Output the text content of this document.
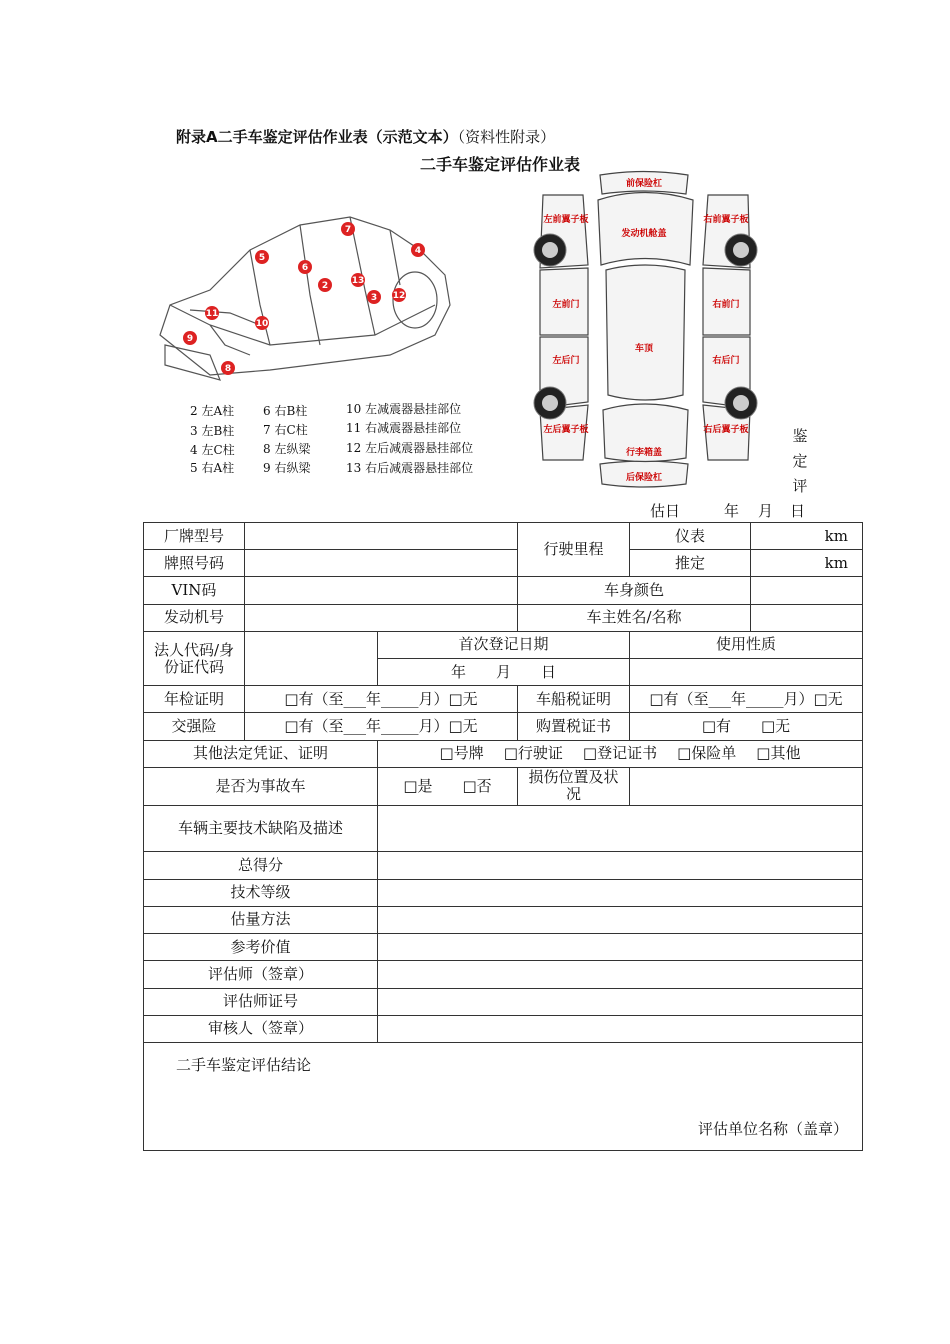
附录A二手车鉴定评估作业表（示范文本）（资料性附录）
二手车鉴定评估作业表
2
3
4
5
6
7
8
9
10
11
12
13
2 左A柱 6 右B柱	10 左减震器悬挂部位
3 左B柱 7 右C柱	11 右减震器悬挂部位
4 左C柱 8 左纵梁	12 左后减震器悬挂部位
5 右A柱 9 右纵梁	13 右后减震器悬挂部位
前保险杠
后保险杠
发动机舱盖
车顶
行李箱盖
左前门
左后门
右前门
右后门
左前翼子板	右前翼子板
左后翼子板	右后翼子板	鉴
定
评
估日	年 月 日
厂牌型号			行驶里程	仪表	km
牌照号码				推定	km
VIN码			车身颜色		
发动机号			车主姓名/名称		
法人代码/身份证代码		首次登记日期		使用性质	
		年   月   日			
年检证明	□有（至___年_____月）□无		车船税证明	□有（至___年_____月）□无	
交强险	□有（至___年_____月）□无		购置税证书	□有   □无	
其他法定凭证、证明		□号牌 □行驶证 □登记证书 □保险单 □其他			
是否为事故车		□是   □否	损伤位置及状况		
车辆主要技术缺陷及描述					
总得分					
技术等级					
估量方法					
参考价值					
评估师（签章）					
评估师证号					
审核人（签章）					

二手车鉴定评估结论
评估单位名称（盖章）					
